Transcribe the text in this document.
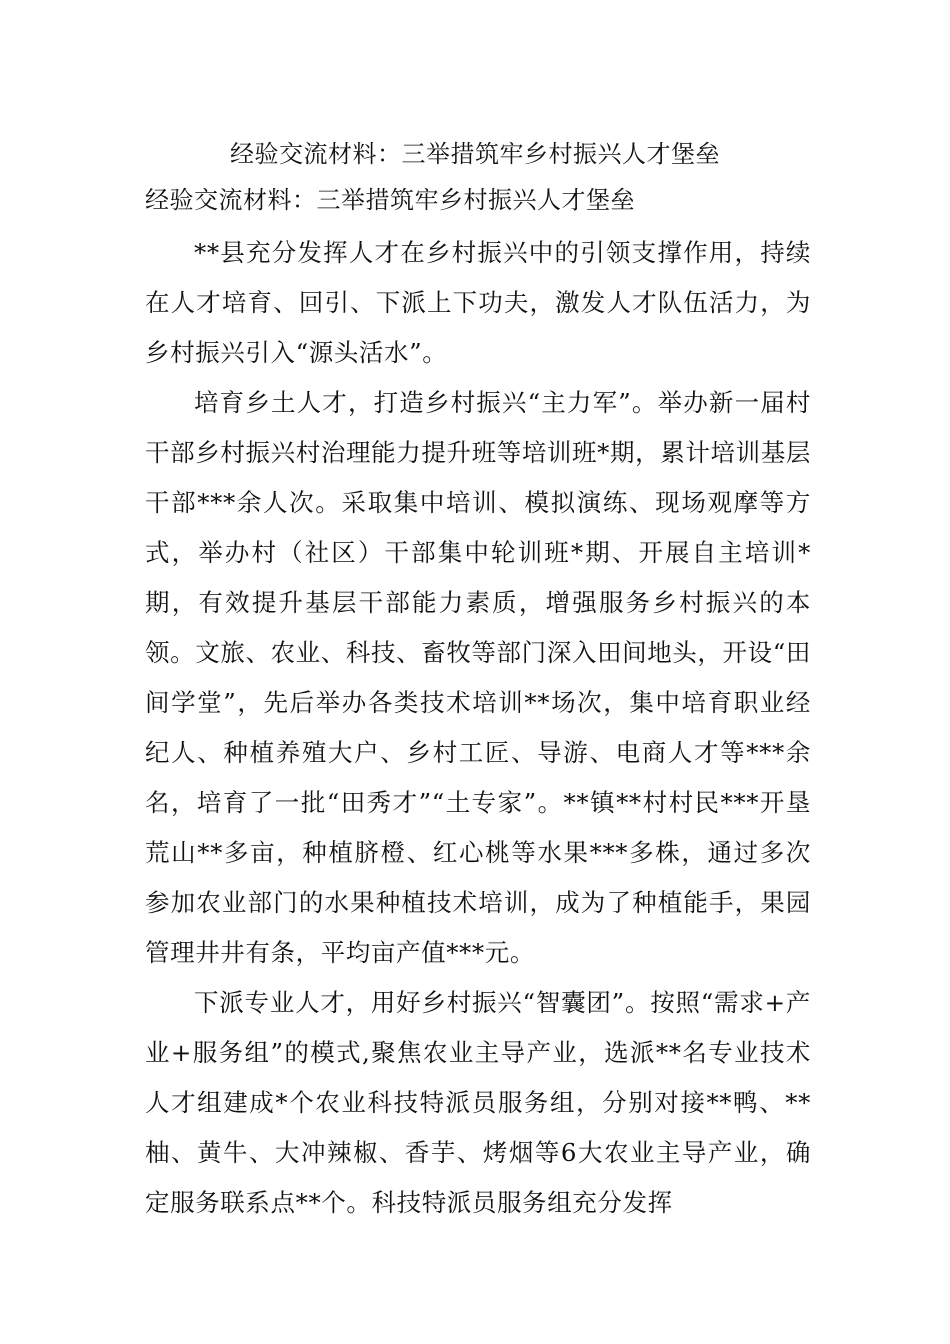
经验交流材料：三举措筑牢乡村振兴人才堡垒
经验交流材料：三举措筑牢乡村振兴人才堡垒

**县充分发挥人才在乡村振兴中的引领支撑作用，持续在人才培育、回引、下派上下功夫，激发人才队伍活力，为乡村振兴引入“源头活水”。

培育乡土人才，打造乡村振兴“主力军”。举办新一届村干部乡村振兴村治理能力提升班等培训班*期，累计培训基层干部***余人次。采取集中培训、模拟演练、现场观摩等方式，举办村（社区）干部集中轮训班*期、开展自主培训*期，有效提升基层干部能力素质，增强服务乡村振兴的本领。文旅、农业、科技、畜牧等部门深入田间地头，开设“田间学堂”，先后举办各类技术培训**场次，集中培育职业经纪人、种植养殖大户、乡村工匠、导游、电商人才等***余名，培育了一批“田秀才”“土专家”。**镇**村村民***开垦荒山**多亩，种植脐橙、红心桃等水果***多株，通过多次参加农业部门的水果种植技术培训，成为了种植能手，果园管理井井有条，平均亩产值***元。

下派专业人才，用好乡村振兴“智囊团”。按照“需求+产业+服务组”的模式,聚焦农业主导产业，选派**名专业技术人才组建成*个农业科技特派员服务组，分别对接**鸭、**柚、黄牛、大冲辣椒、香芋、烤烟等6大农业主导产业，确定服务联系点**个。科技特派员服务组充分发挥
